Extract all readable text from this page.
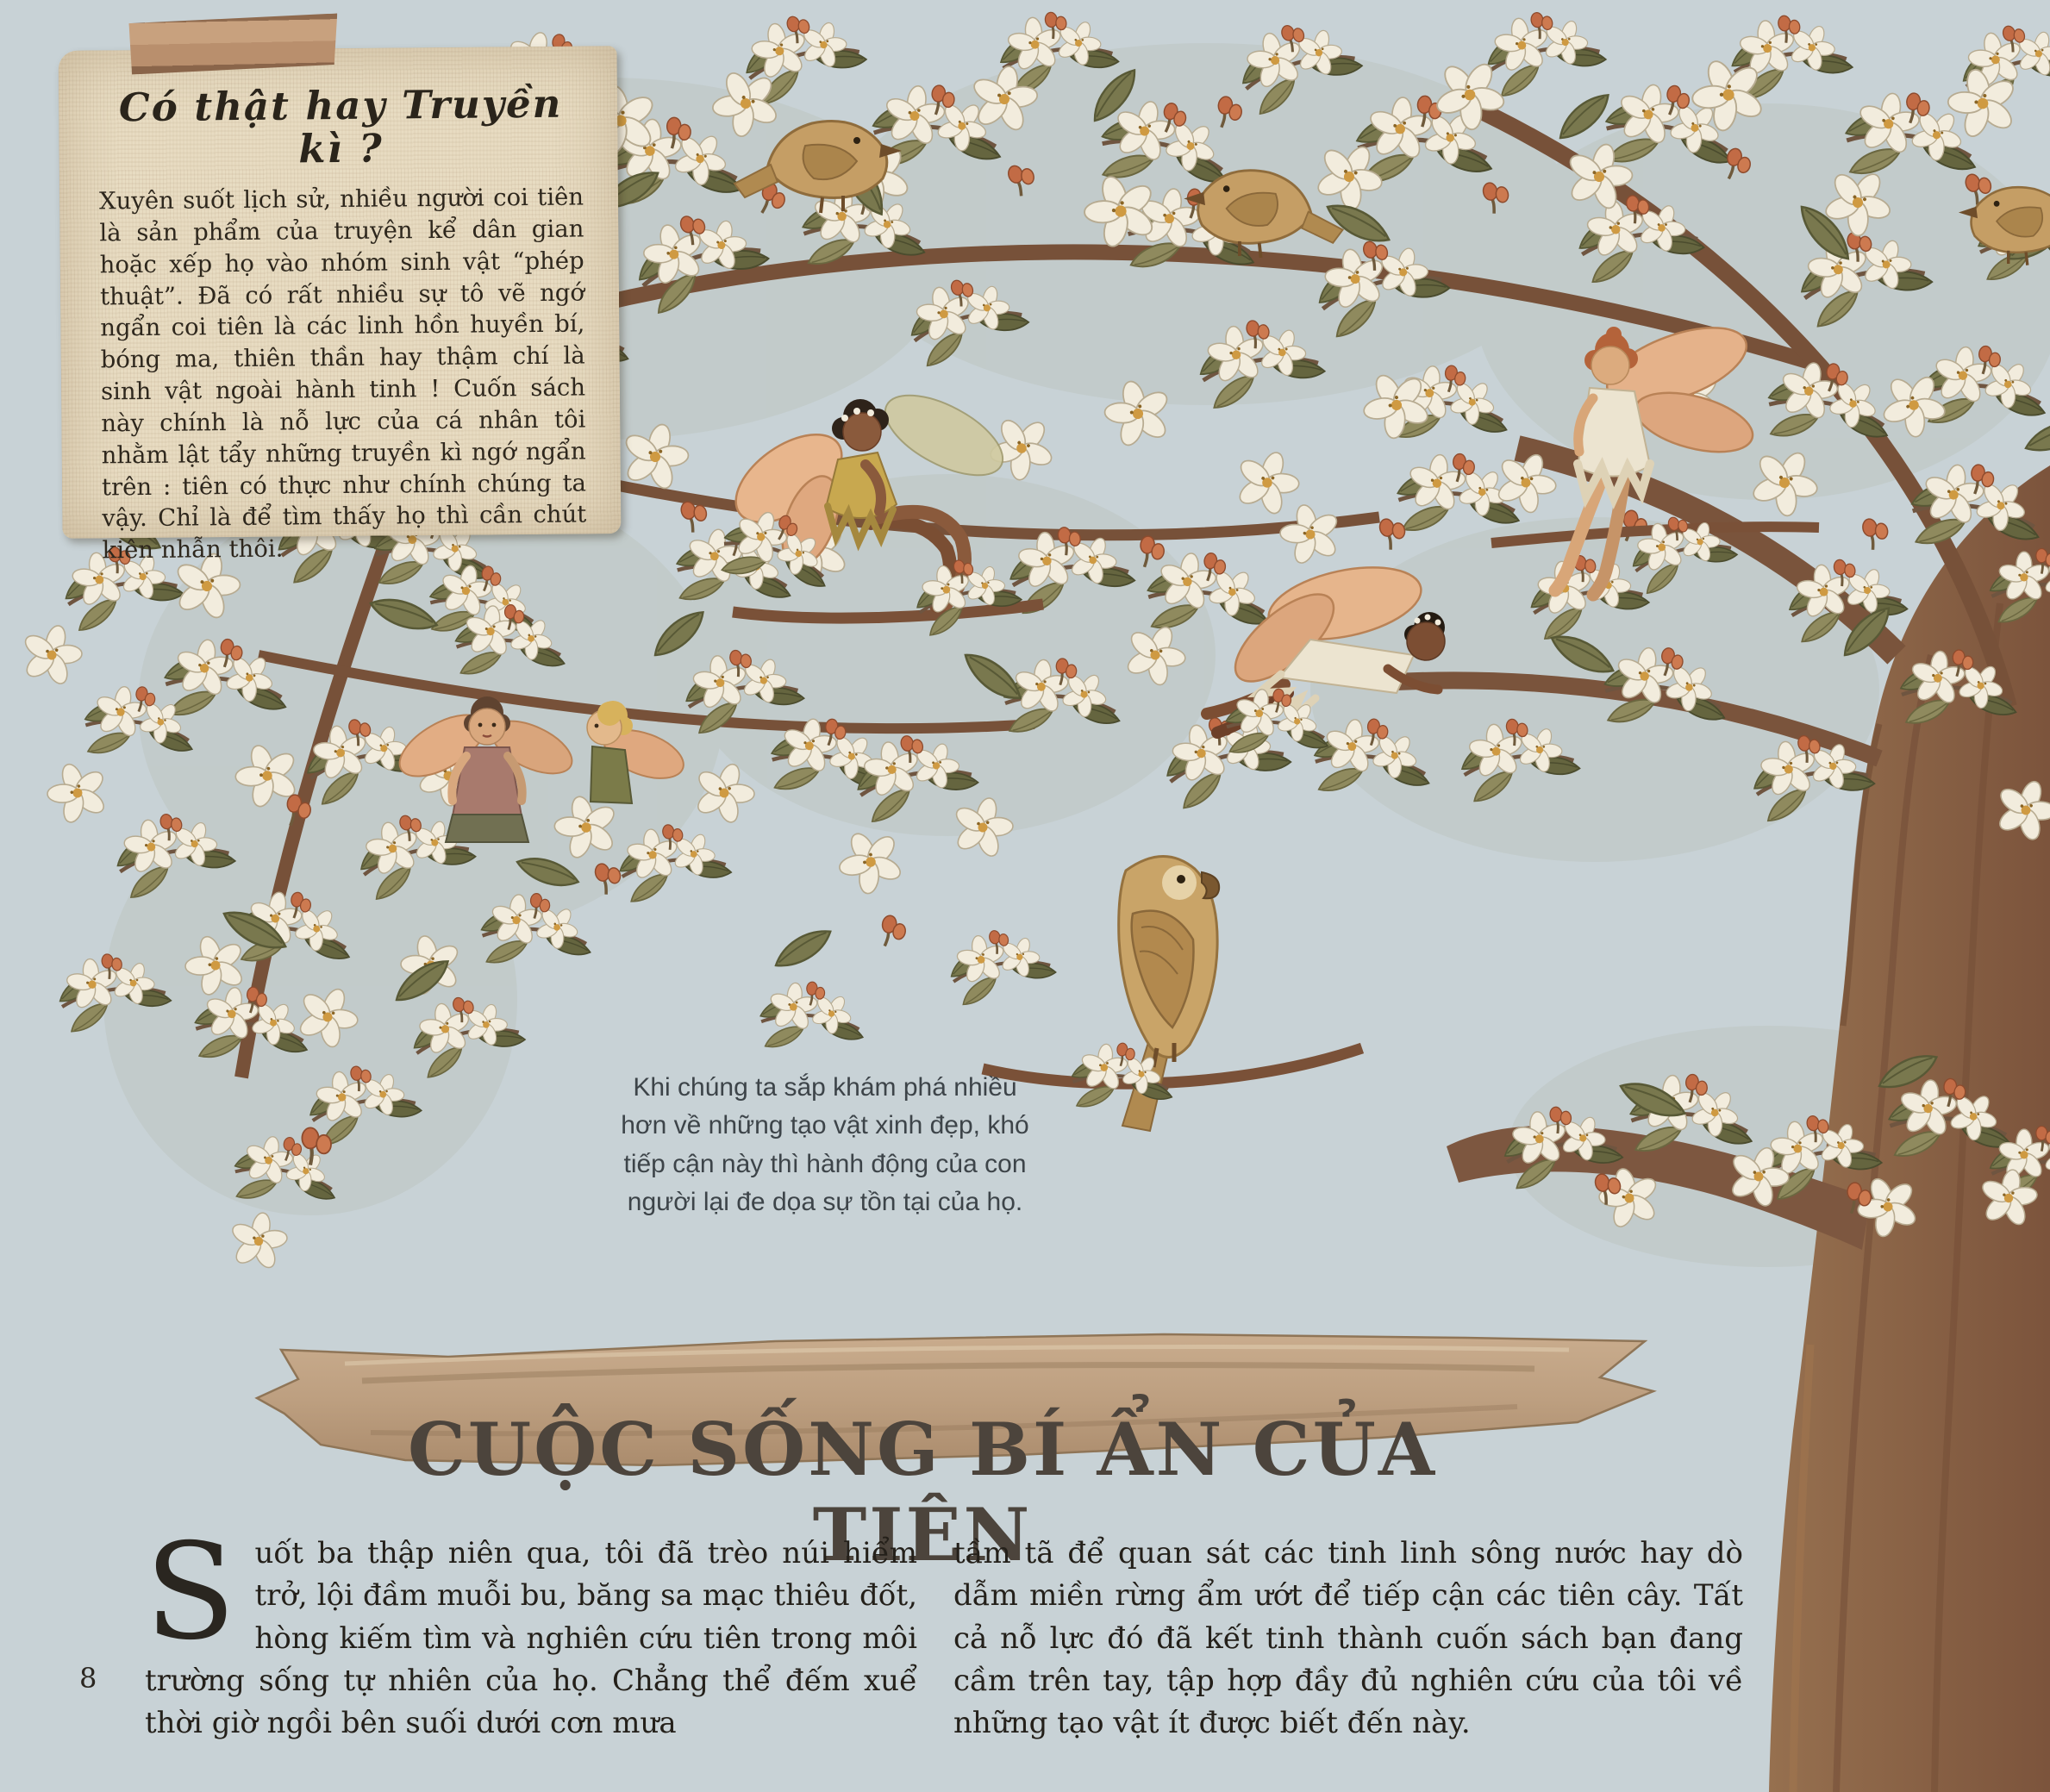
Có thật hay Truyền kì ?

Xuyên suốt lịch sử, nhiều người coi tiên là sản phẩm của truyện kể dân gian hoặc xếp họ vào nhóm sinh vật “phép thuật”. Đã có rất nhiều sự tô vẽ ngớ ngẩn coi tiên là các linh hồn huyền bí, bóng ma, thiên thần hay thậm chí là sinh vật ngoài hành tinh ! Cuốn sách này chính là nỗ lực của cá nhân tôi nhằm lật tẩy những truyền kì ngớ ngẩn trên : tiên có thực như chính chúng ta vậy. Chỉ là để tìm thấy họ thì cần chút kiên nhẫn thôi.

Khi chúng ta sắp khám phá nhiều hơn về những tạo vật xinh đẹp, khó tiếp cận này thì hành động của con người lại đe dọa sự tồn tại của họ.
CUỘC SỐNG BÍ ẨN CỦA TIÊN

Suốt ba thập niên qua, tôi đã trèo núi hiểm trở, lội đầm muỗi bu, băng sa mạc thiêu đốt, hòng kiếm tìm và nghiên cứu tiên trong môi trường sống tự nhiên của họ. Chẳng thể đếm xuể thời giờ ngồi bên suối dưới cơn mưa

tầm tã để quan sát các tinh linh sông nước hay dò dẫm miền rừng ẩm ướt để tiếp cận các tiên cây. Tất cả nỗ lực đó đã kết tinh thành cuốn sách bạn đang cầm trên tay, tập hợp đầy đủ nghiên cứu của tôi về những tạo vật ít được biết đến này.

8
